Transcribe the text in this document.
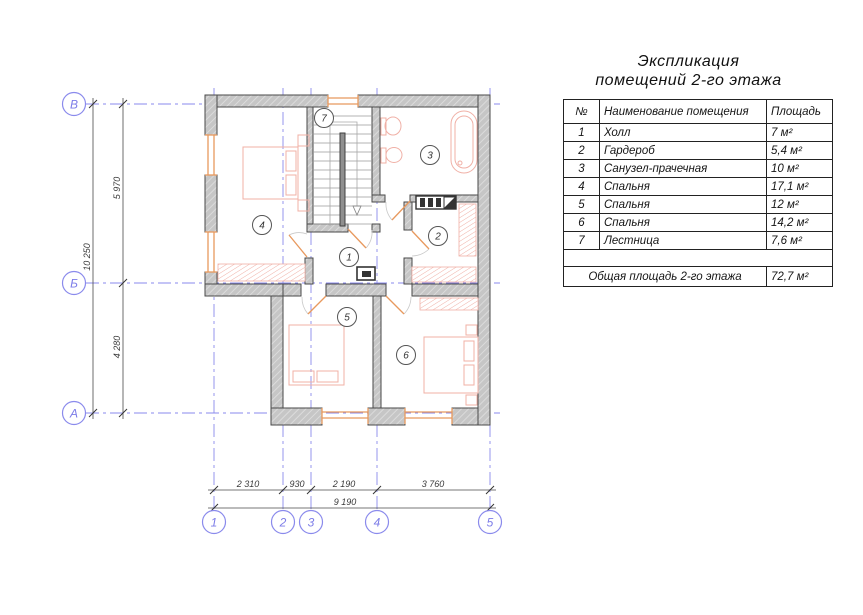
1
2
3
4
5
6
7
2 310	930	2 190	3 760
9 190
5 970
4 280
10 250
В
Б
А
1	2 3	4	5
Экспликация
помещений 2-го этажа
№	Наименование помещения	Площадь
1	Холл	7 м²
2	Гардероб	5,4 м²
3	Санузел-прачечная	10 м²
4	Спальня	17,1 м²
5	Спальня	12 м²
6	Спальня	14,2 м²
7	Лестница	7,6 м²

Общая площадь 2-го этажа		72,7 м²
